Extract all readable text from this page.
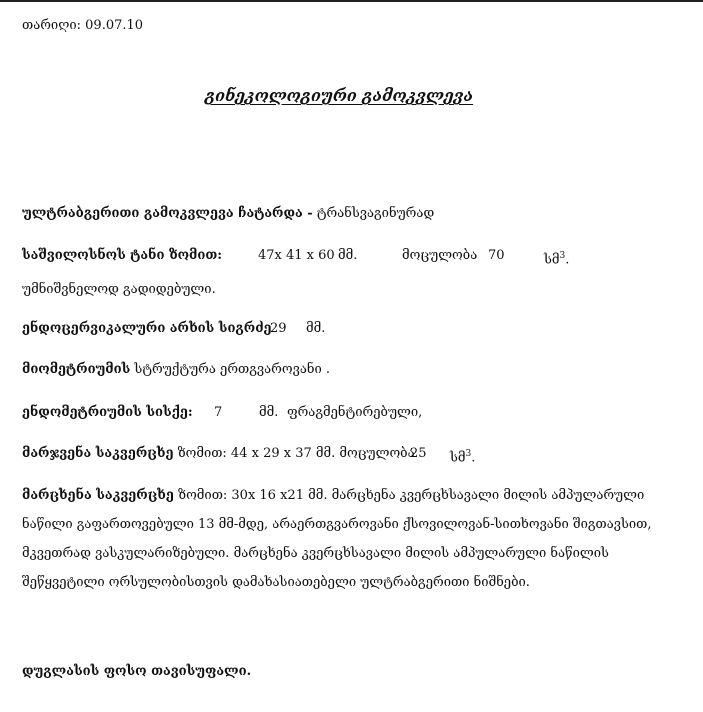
თარიღი: 09.07.10
გინეკოლოგიური გამოკვლევა
ულტრაბგერითი გამოკვლევა ჩატარდა - ტრანსვაგინურად
საშვილოსნოს ტანი ზომით:	47x 41 x 60 მმ.	მოცულობა 70	სმ$^3$.
უმნიშვნელოდ გადიდებული.
ენდოცერვიკალური არხის სიგრძე
29 მმ.
მიომეტრიუმის სტრუქტურა ერთგვაროვანი .
ენდომეტრიუმის სისქე: 7	მმ. ფრაგმენტირებული,
მარჯვენა საკვერცხე ზომით: 44 x 29 x 37 მმ. მოცულობა
25 სმ$^3$.
მარცხენა საკვერცხე ზომით: 30x 16 x21 მმ. მარცხენა კვერცხსავალი მილის ამპულარული
ნაწილი გაფართოვებული 13 მმ-მდე, არაერთგვაროვანი ქსოვილოვან-სითხოვანი შიგთავსით,
მკვეთრად ვასკულარიზებული. მარცხენა კვერცხსავალი მილის ამპულარული ნაწილის
შეწყვეტილი ორსულობისთვის დამახასიათებელი ულტრაბგერითი ნიშნები.
დუგლასის ფოსო თავისუფალი.
